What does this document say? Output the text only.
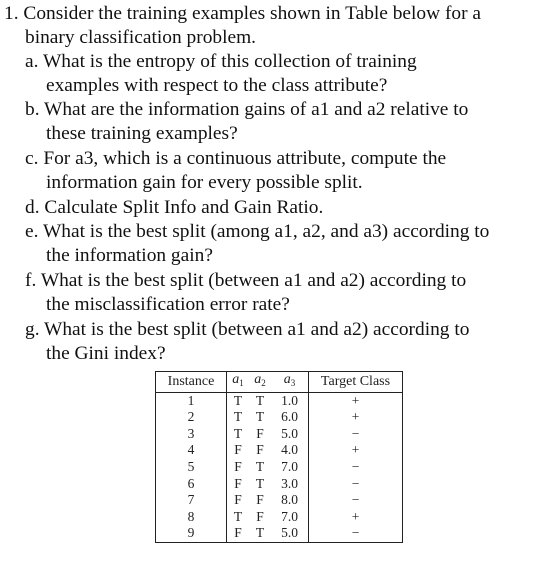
1. Consider the training examples shown in Table below for a
binary classification problem.
a. What is the entropy of this collection of training
examples with respect to the class attribute?
b. What are the information gains of a1 and a2 relative to
these training examples?
c. For a3, which is a continuous attribute, compute the
information gain for every possible split.
d. Calculate Split Info and Gain Ratio.
e. What is the best split (among a1, a2, and a3) according to
the information gain?
f. What is the best split (between a1 and a2) according to
the misclassification error rate?
g. What is the best split (between a1 and a2) according to
the Gini index?
Instance	$a_1$	$a_2$	$a_3$	Target Class
1	T	T	1.0	+
2	T	T	6.0	+
3	T	F	5.0	−
4	F	F	4.0	+
5	F	T	7.0	−
6	F	T	3.0	−
7	F	F	8.0	−
8	T	F	7.0	+
9	F	T	5.0	−
